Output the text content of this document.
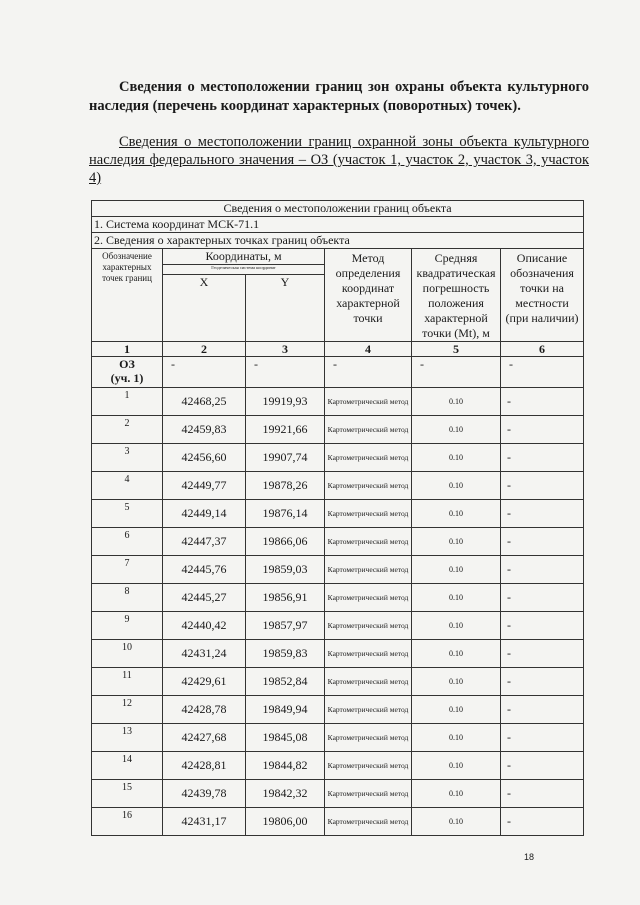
Сведения о местоположении границ зон охраны объекта культурного наследия (перечень координат характерных (поворотных) точек).
Сведения о местоположении границ охранной зоны объекта культурного наследия федерального значения – ОЗ (участок 1, участок 2, участок 3, участок 4)
Сведения о местоположении границ объекта					
1. Система координат МСК-71.1					
2. Сведения о характерных точках границ объекта					
Обозначение характерных точек границ	Координаты, м		Метод определения координат характерной точки	Средняя квадратическая погрешность положения характерной точки (Mt), м	Описание обозначения точки на местности (при наличии)
	Геодезическая система координат				
	X	Y			
1	2	3	4	5	6

ОЗ
(уч. 1)	-	-	-	-	-
1	42468,25	19919,93	Картометрический метод	0.10	-
2	42459,83	19921,66	Картометрический метод	0.10	-
3	42456,60	19907,74	Картометрический метод	0.10	-
4	42449,77	19878,26	Картометрический метод	0.10	-
5	42449,14	19876,14	Картометрический метод	0.10	-
6	42447,37	19866,06	Картометрический метод	0.10	-
7	42445,76	19859,03	Картометрический метод	0.10	-
8	42445,27	19856,91	Картометрический метод	0.10	-
9	42440,42	19857,97	Картометрический метод	0.10	-
10	42431,24	19859,83	Картометрический метод	0.10	-
11	42429,61	19852,84	Картометрический метод	0.10	-
12	42428,78	19849,94	Картометрический метод	0.10	-
13	42427,68	19845,08	Картометрический метод	0.10	-
14	42428,81	19844,82	Картометрический метод	0.10	-
15	42439,78	19842,32	Картометрический метод	0.10	-
16	42431,17	19806,00	Картометрический метод	0.10	-
18
